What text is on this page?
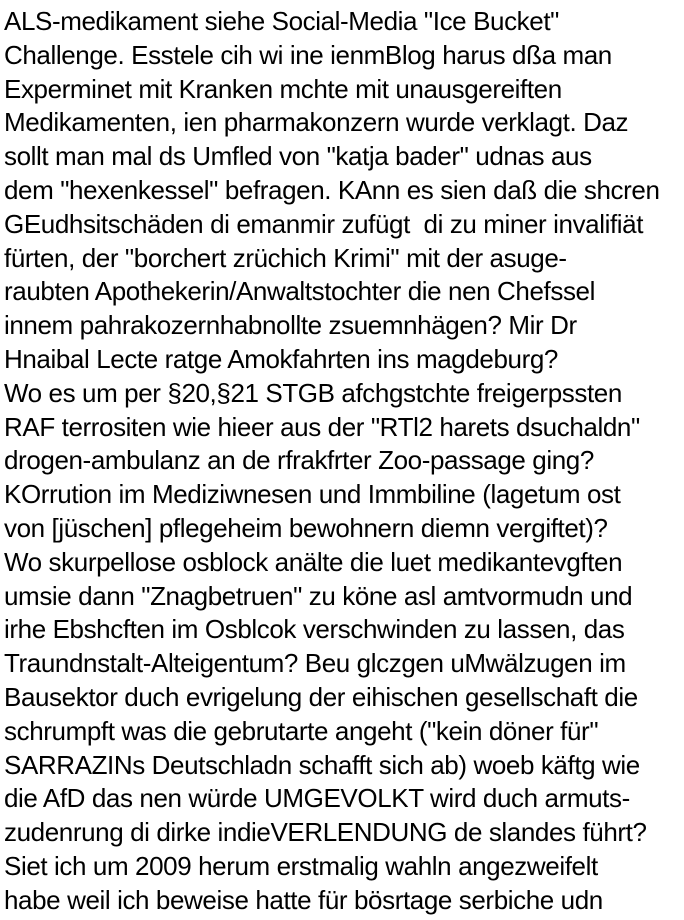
ALS-medikament siehe Social-Media "Ice Bucket"
Challenge. Esstele cih wi ine ienmBlog harus dßa man
Experminet mit Kranken mchte mit unausgereiften
Medikamenten, ien pharmakonzern wurde verklagt. Daz
sollt man mal ds Umfled von "katja bader" udnas aus
dem "hexenkessel" befragen. KAnn es sien daß die shcren
GEudhsitschäden di emanmir zufügt  di zu miner invalifiät
fürten, der "borchert zrüchich Krimi" mit der asuge-
raubten Apothekerin/Anwaltstochter die nen Chefssel
innem pahrakozernhabnollte zsuemnhägen? Mir Dr
Hnaibal Lecte ratge Amokfahrten ins magdeburg?
Wo es um per §20,§21 STGB afchgstchte freigerpssten
RAF terrositen wie hieer aus der "RTl2 harets dsuchaldn"
drogen-ambulanz an de rfrakfrter Zoo-passage ging?
KOrrution im Mediziwnesen und Immbiline (lagetum ost
von [jüschen] pflegeheim bewohnern diemn vergiftet)?
Wo skurpellose osblock anälte die luet medikantevgften
umsie dann "Znagbetruen" zu köne asl amtvormudn und
irhe Ebshcften im Osblcok verschwinden zu lassen, das
Traundnstalt-Alteigentum? Beu glczgen uMwälzugen im
Bausektor duch evrigelung der eihischen gesellschaft die
schrumpft was die gebrutarte angeht ("kein döner für"
SARRAZINs Deutschladn schafft sich ab) woeb käftg wie
die AfD das nen würde UMGEVOLKT wird duch armuts-
zudenrung di dirke indieVERLENDUNG de slandes führt?
Siet ich um 2009 herum erstmalig wahln angezweifelt
habe weil ich beweise hatte für bösrtage serbiche udn
